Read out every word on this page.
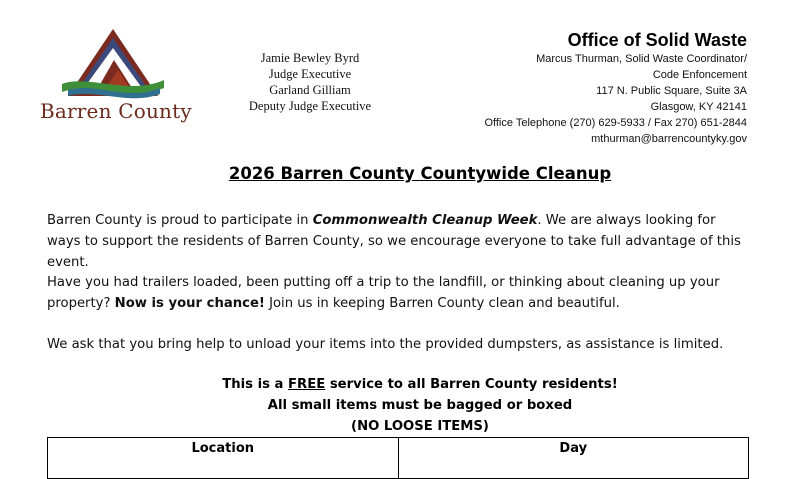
Barren County
Jamie Bewley Byrd
Judge Executive
Garland Gilliam
Deputy Judge Executive
Office of Solid Waste
Marcus Thurman, Solid Waste Coordinator/
Code Enfoncement
117 N. Public Square, Suite 3A
Glasgow, KY 42141
Office Telephone (270) 629-5933 / Fax 270) 651-2844
mthurman@barrencountyky.gov
2026 Barren County Countywide Cleanup
Barren County is proud to participate in Commonwealth Cleanup Week. We are always looking for ways to support the residents of Barren County, so we encourage everyone to take full advantage of this event.
Have you had trailers loaded, been putting off a trip to the landfill, or thinking about cleaning up your property? Now is your chance! Join us in keeping Barren County clean and beautiful.
We ask that you bring help to unload your items into the provided dumpsters, as assistance is limited.
This is a FREE service to all Barren County residents!
All small items must be bagged or boxed
(NO LOOSE ITEMS)
Location	Day
